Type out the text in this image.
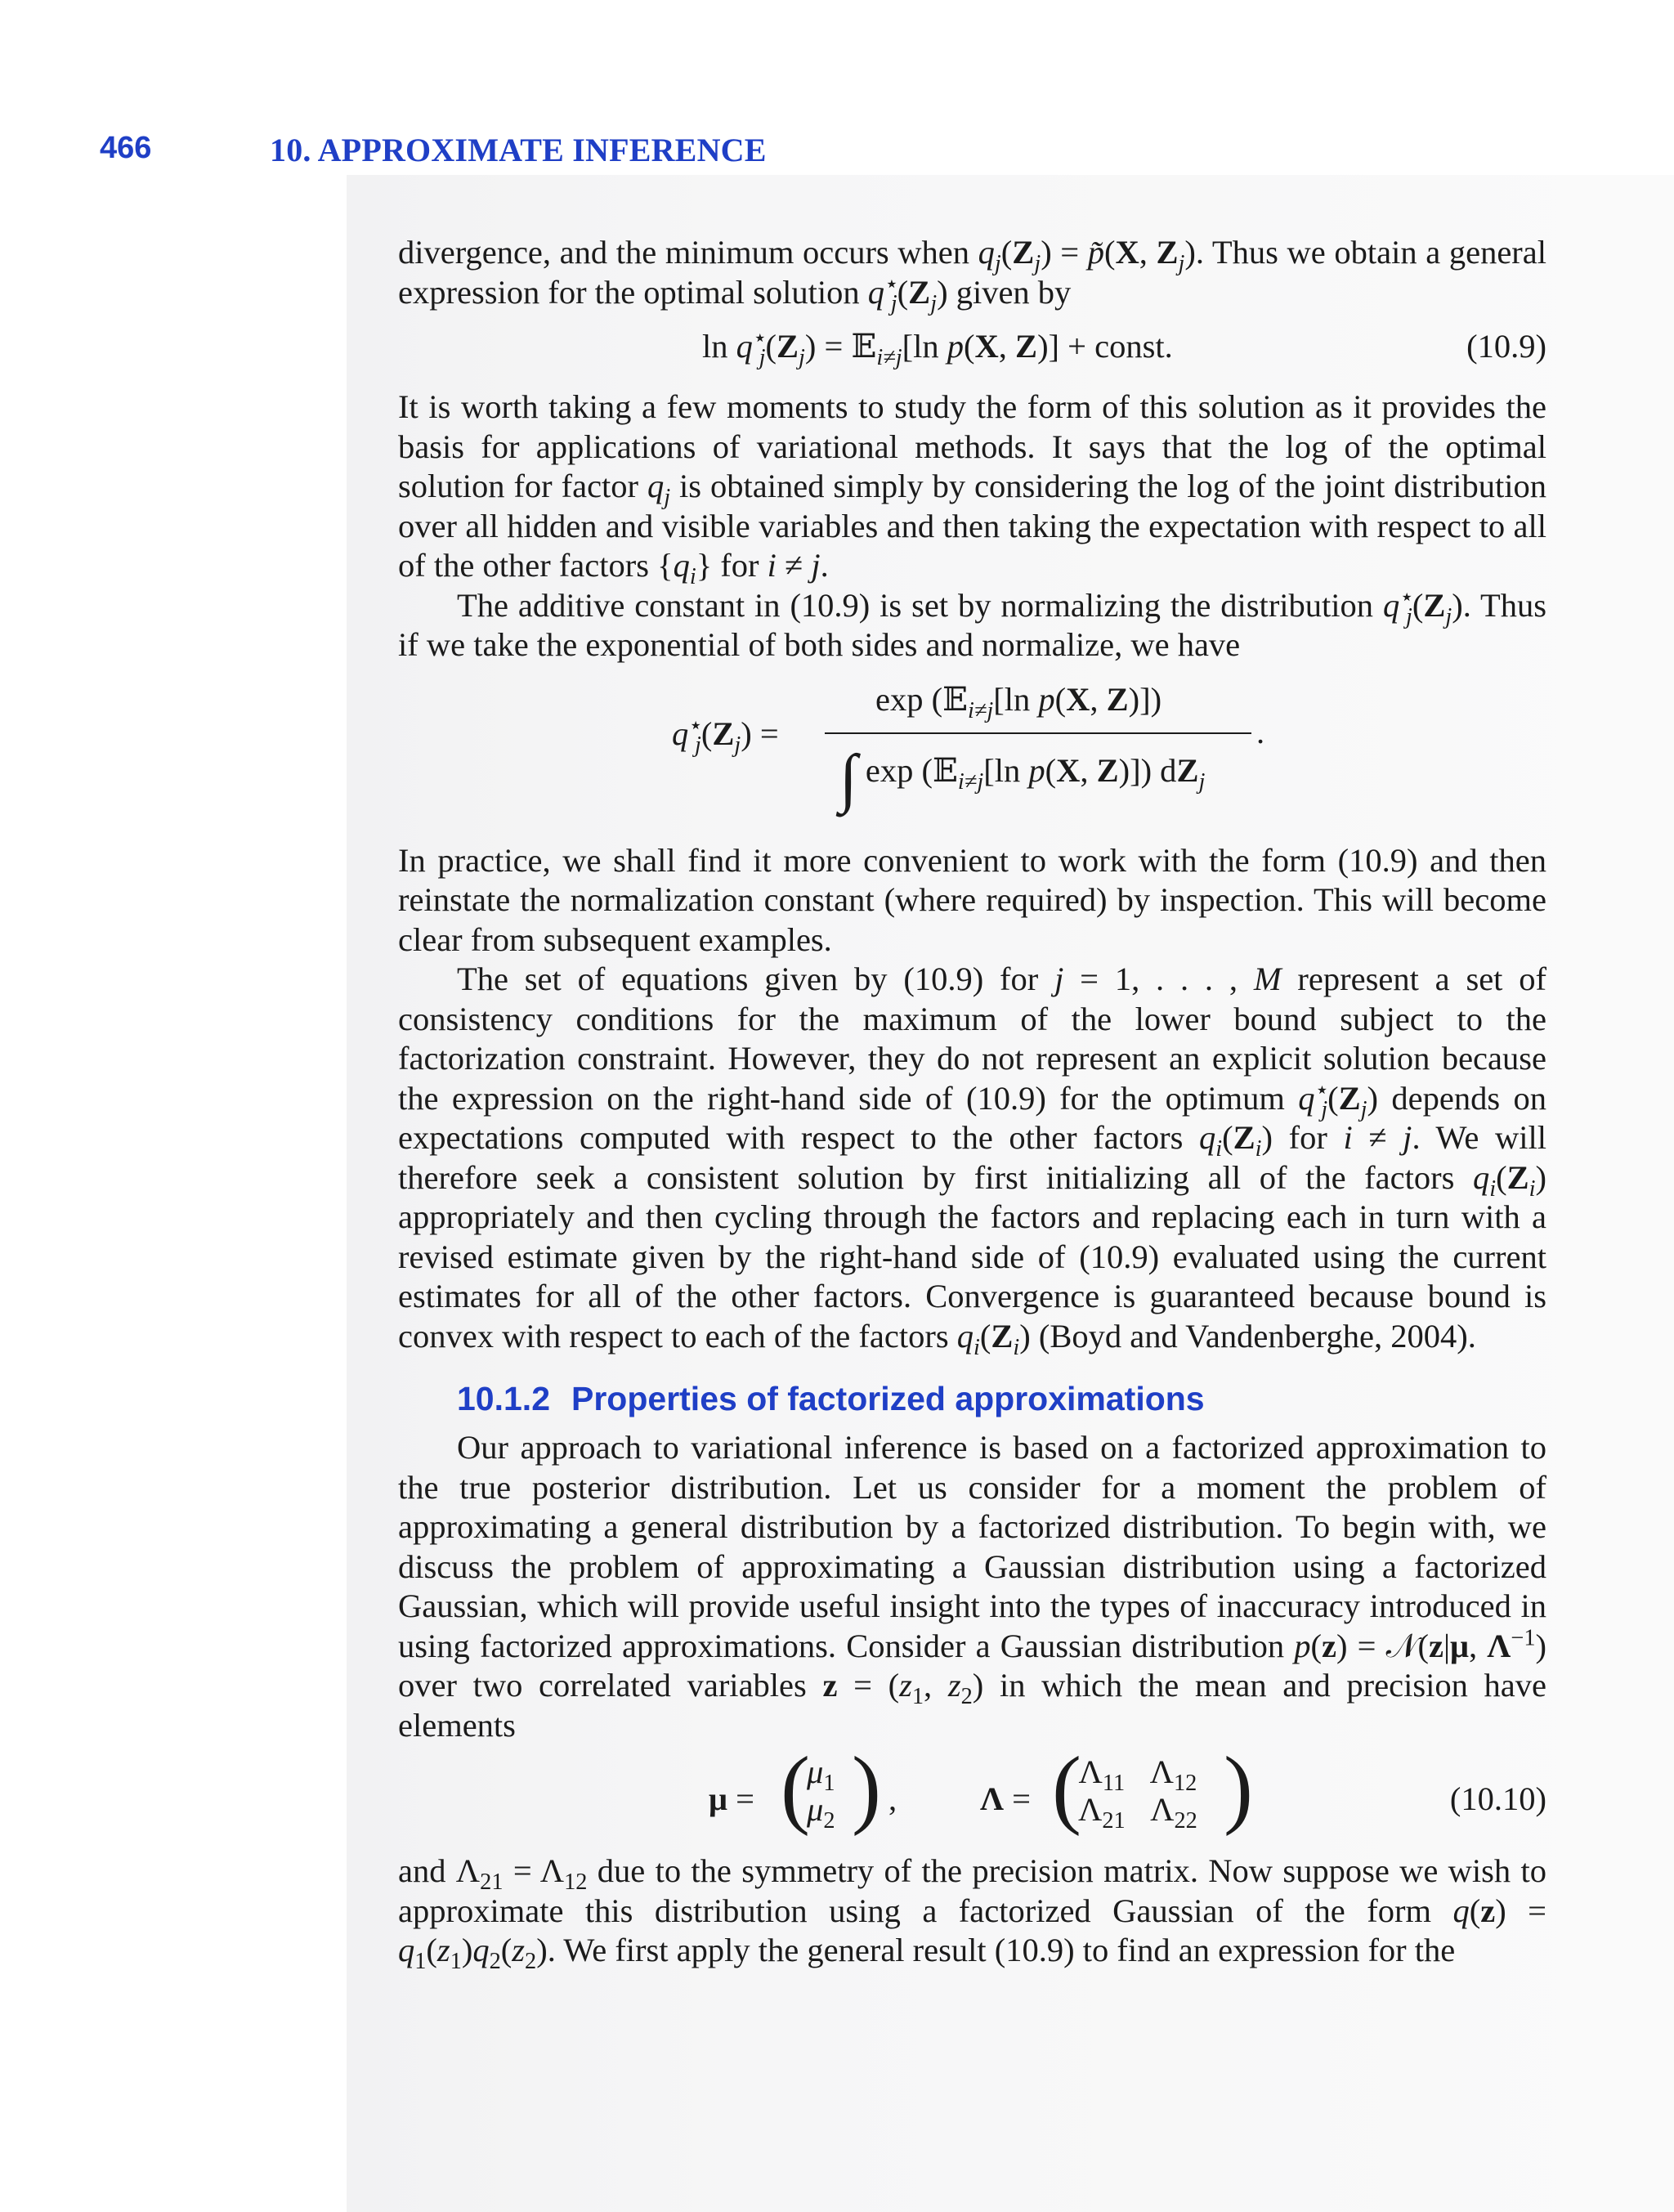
466	10. APPROXIMATE INFERENCE

divergence, and the minimum occurs when $q_j(Z_j)$ = p̃(X, $Z_j$). Thus we obtain a general expression for the optimal solution $q^⋆_j(Z_j)$ given by

$\ln q^⋆_j(Z_j)$ = 𝔼$_{i\ne j}$[ln p(X, Z)] + const.	(10.9)

It is worth taking a few moments to study the form of this solution as it provides the basis for applications of variational methods. It says that the log of the optimal solution for factor $q_j$ is obtained simply by considering the log of the joint distribution over all hidden and visible variables and then taking the expectation with respect to all of the other factors $\{q_i\}$ for i ≠ j.

The additive constant in (10.9) is set by normalizing the distribution $q^⋆_j(Z_j)$. Thus if we take the exponential of both sides and normalize, we have

$q^⋆_j(Z_j)$ =
exp (𝔼$_{i\ne j}$[ln p(X, Z)])
∫ exp (𝔼$_{i\ne j}$[ln p(X, Z)]) $dZ_j$
.

In practice, we shall find it more convenient to work with the form (10.9) and then reinstate the normalization constant (where required) by inspection. This will become clear from subsequent examples.

The set of equations given by (10.9) for j = 1, . . . , M represent a set of consistency conditions for the maximum of the lower bound subject to the factorization constraint. However, they do not represent an explicit solution because the expression on the right-hand side of (10.9) for the optimum $q^⋆_j(Z_j)$ depends on expectations computed with respect to the other factors $q_i(Z_i)$ for i ≠ j. We will therefore seek a consistent solution by first initializing all of the factors $q_i(Z_i)$ appropriately and then cycling through the factors and replacing each in turn with a revised estimate given by the right-hand side of (10.9) evaluated using the current estimates for all of the other factors. Convergence is guaranteed because bound is convex with respect to each of the factors $q_i(Z_i)$ (Boyd and Vandenberghe, 2004).

10.1.2 Properties of factorized approximations

Our approach to variational inference is based on a factorized approximation to the true posterior distribution. Let us consider for a moment the problem of approximating a general distribution by a factorized distribution. To begin with, we discuss the problem of approximating a Gaussian distribution using a factorized Gaussian, which will provide useful insight into the types of inaccuracy introduced in using factorized approximations. Consider a Gaussian distribution p(z) = 𝒩(z|μ, $\Lambda^{-1}$) over two correlated variables $z = (z_1$, $z_2$) in which the mean and precision have elements

μ = (
$\mu_1$
$\mu_2$ ) ,	Λ = (
$\Lambda_{11}$   $\Lambda_{12}$
$\Lambda_{21}$   $\Lambda_{22}$ )	(10.10)

and $\Lambda_{21} = \Lambda_{12}$ due to the symmetry of the precision matrix. Now suppose we wish to approximate this distribution using a factorized Gaussian of the form $q(z) = q_1(z_1)q_2(z_2)$. We first apply the general result (10.9) to find an expression for the
